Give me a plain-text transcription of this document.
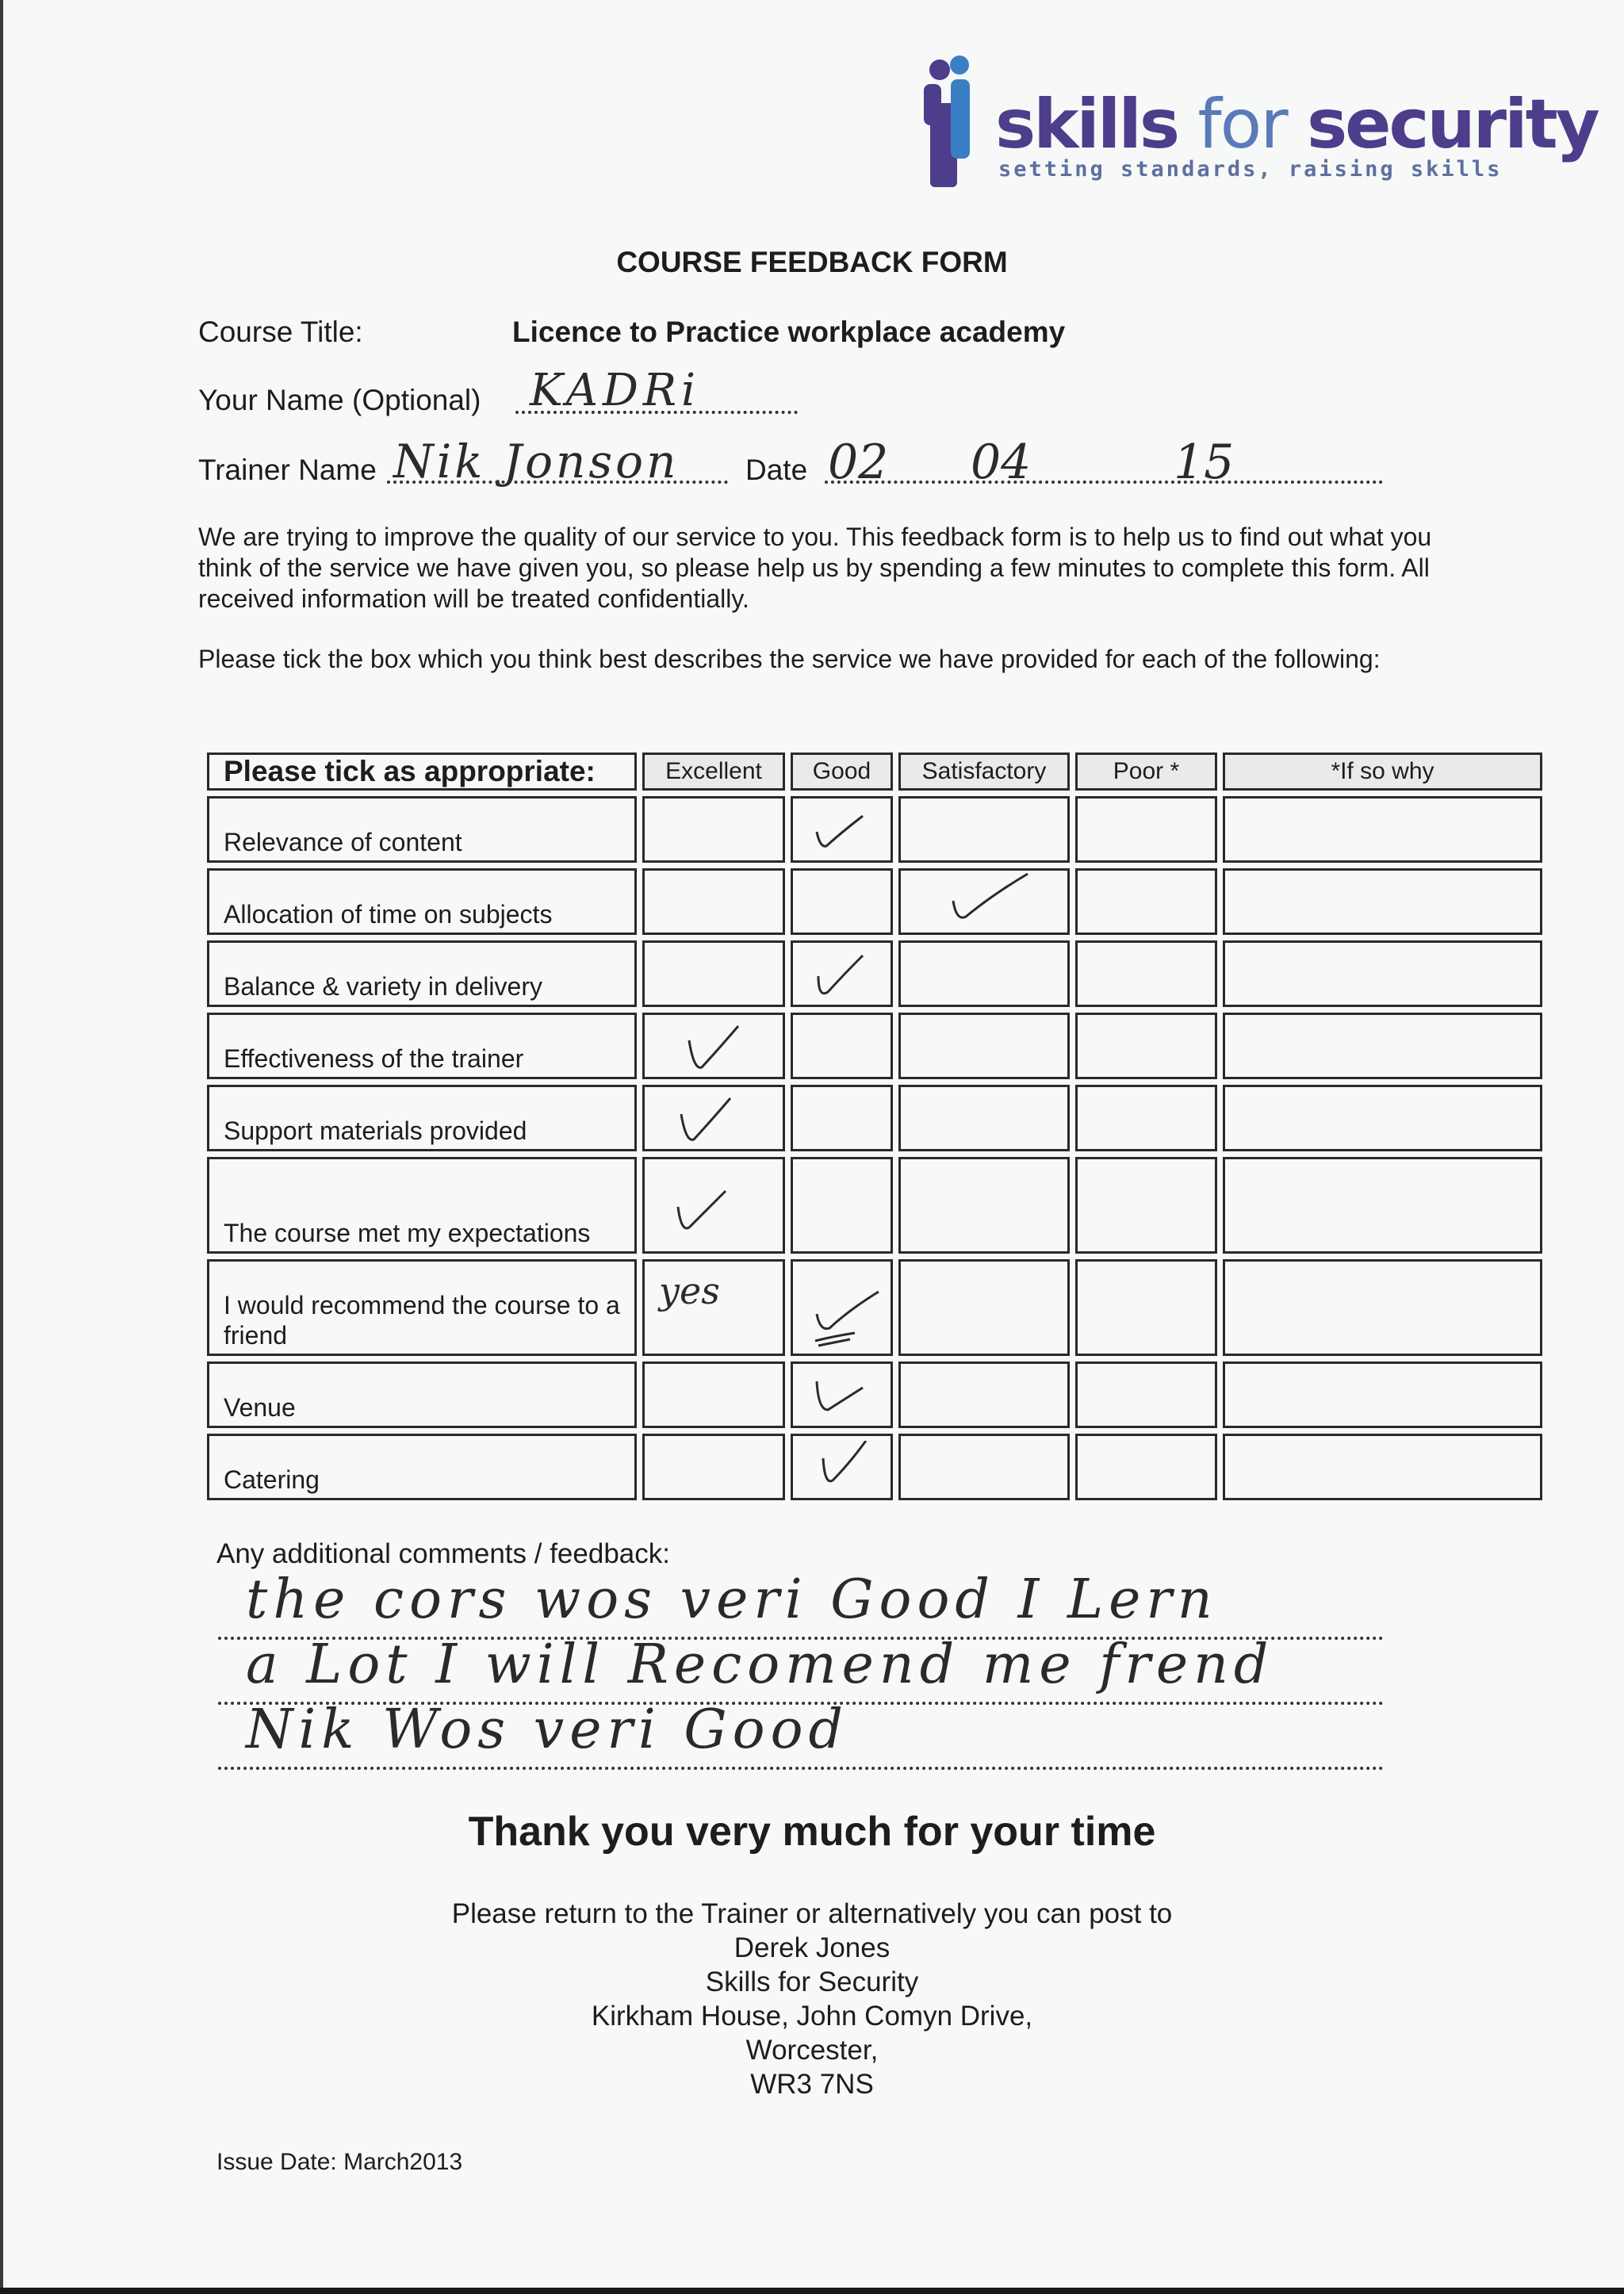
skills for security
setting standards, raising skills
COURSE FEEDBACK FORM
Course Title:	Licence to Practice workplace academy
Your Name (Optional) KADRi
Trainer Name Nik Jonson Date 02 04	15
We are trying to improve the quality of our service to you. This feedback form is to help us to find out what you think of the service we have given you, so please help us by spending a few minutes to complete this form. All received information will be treated confidentially.
Please tick the box which you think best describes the service we have provided for each of the following:
Please tick as appropriate:	Excellent	Good	Satisfactory	Poor *	*If so why
Relevance of content		

Allocation of time on subjects			

Balance & variety in delivery		

Effectiveness of the trainer	

Support materials provided	

The course met my expectations	

I would recommend the course to a friend	yes

Venue		

Catering		

Any additional comments / feedback:
the cors wos veri Good I Lern
a Lot I will Recomend me frend
Nik Wos veri Good
Thank you very much for your time
Please return to the Trainer or alternatively you can post to
Derek Jones
Skills for Security
Kirkham House, John Comyn Drive,
Worcester,
WR3 7NS
Issue Date: March2013
